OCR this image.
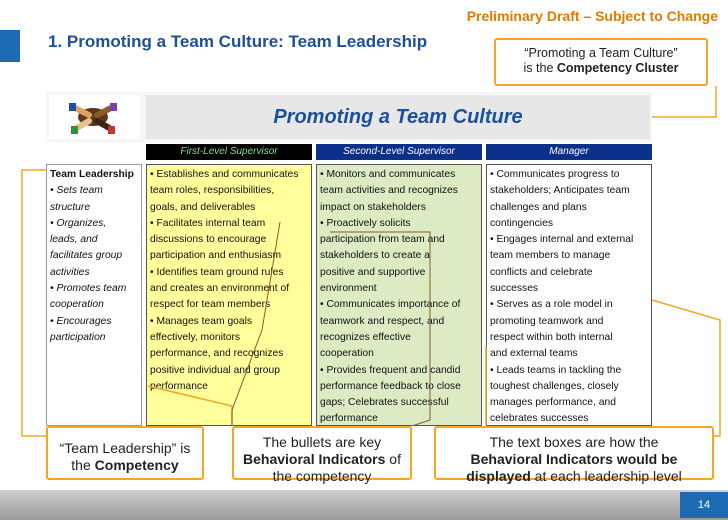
Preliminary Draft – Subject to Change
1. Promoting a Team Culture: Team Leadership
“Promoting a Team Culture”
is the Competency Cluster
Promoting a Team Culture
First-Level Supervisor	Second-Level Supervisor	Manager
Team Leadership
• Sets team
structure
• Organizes,
leads, and
facilitates group
activities
• Promotes team
cooperation
• Encourages
participation
• Establishes and communicates
team roles, responsibilities,
goals, and deliverables
• Facilitates internal team
discussions to encourage
participation and enthusiasm
• Identifies team ground rules
and creates an environment of
respect for team members
• Manages team goals
effectively, monitors
performance, and recognizes
positive individual and group
performance
• Monitors and communicates
team activities and recognizes
impact on stakeholders
• Proactively solicits
participation from team and
stakeholders to create a
positive and supportive
environment
• Communicates importance of
teamwork and respect, and
recognizes effective
cooperation
• Provides frequent and candid
performance feedback to close
gaps; Celebrates successful
performance
• Communicates progress to
stakeholders; Anticipates team
challenges and plans
contingencies
• Engages internal and external
team members to manage
conflicts and celebrate
successes
• Serves as a role model in
promoting teamwork and
respect within both internal
and external teams
• Leads teams in tackling the
toughest challenges, closely
manages performance, and
celebrates successes
“Team Leadership” is
the Competency
The bullets are key
Behavioral Indicators of
the competency
The text boxes are how the
Behavioral Indicators would be
displayed at each leadership level
14
